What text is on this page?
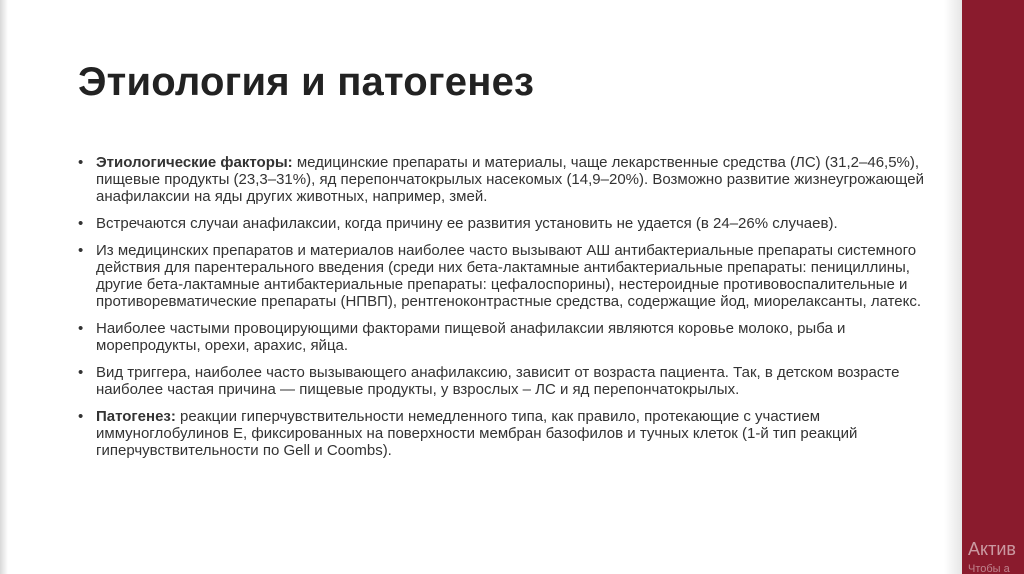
Этиология и патогенез
• Этиологические факторы: медицинские препараты и материалы, чаще лекарственные средства (ЛС) (31,2–46,5%), пищевые продукты (23,3–31%), яд перепончатокрылых насекомых (14,9–20%). Возможно развитие жизнеугрожающей анафилаксии на яды других животных, например, змей.
• Встречаются случаи анафилаксии, когда причину ее развития установить не удается (в 24–26% случаев).
• Из медицинских препаратов и материалов наиболее часто вызывают АШ антибактериальные препараты системного действия для парентерального введения (среди них бета-лактамные антибактериальные препараты: пенициллины, другие бета-лактамные антибактериальные препараты: цефалоспорины), нестероидные противовоспалительные и противоревматические препараты (НПВП), рентгеноконтрастные средства, содержащие йод, миорелаксанты, латекс.
• Наиболее частыми провоцирующими факторами пищевой анафилаксии являются коровье молоко, рыба и морепродукты, орехи, арахис, яйца.
• Вид триггера, наиболее часто вызывающего анафилаксию, зависит от возраста пациента. Так, в детском возрасте наиболее частая причина — пищевые продукты, у взрослых – ЛС и яд перепончатокрылых.
• Патогенез: реакции гиперчувствительности немедленного типа, как правило, протекающие с участием иммуноглобулинов Е, фиксированных на поверхности мембран базофилов и тучных клеток (1-й тип реакций гиперчувствительности по Gell и Coombs).
Актив
Чтобы а
